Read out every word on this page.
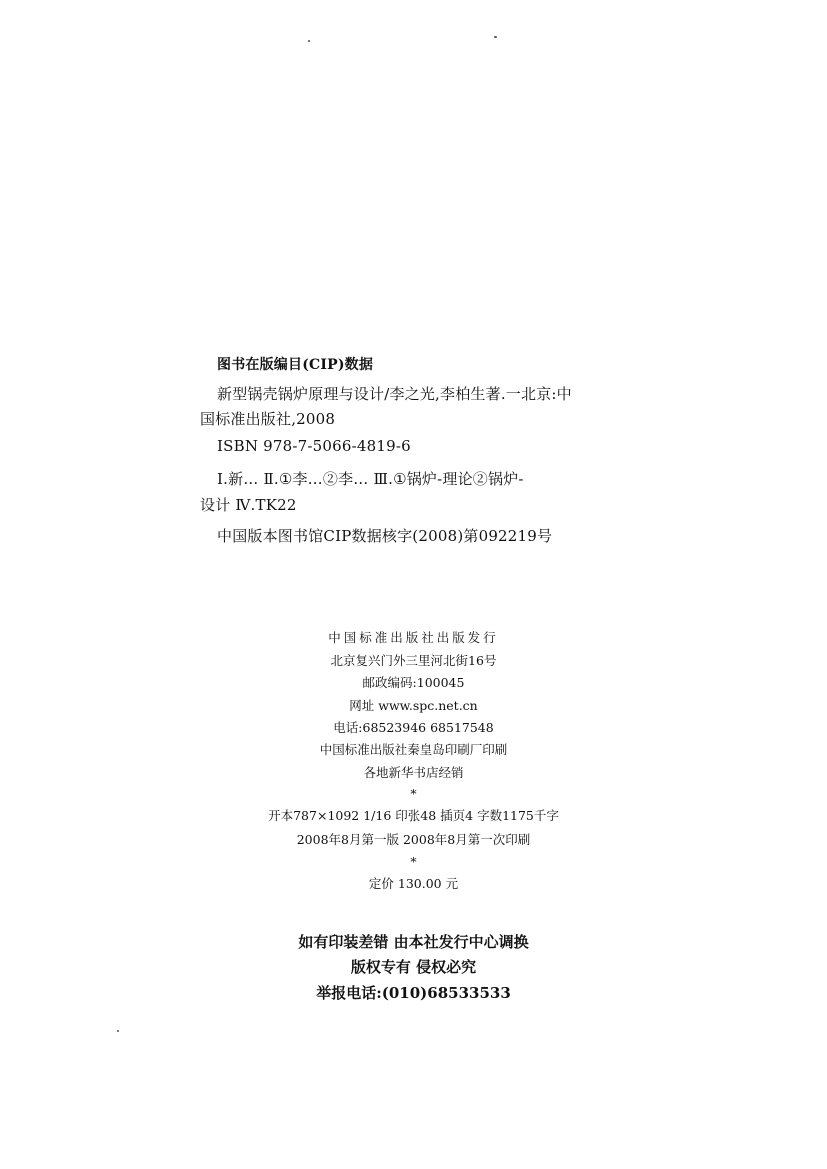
图书在版编目(CIP)数据
新型锅壳锅炉原理与设计/李之光,李柏生著.一北京:中
国标准出版社,2008
ISBN 978-7-5066-4819-6
Ⅰ.新… Ⅱ.①李…②李… Ⅲ.①锅炉-理论②锅炉-
设计 Ⅳ.TK22
中国版本图书馆CIP数据核字(2008)第092219号
中国标准出版社出版发行
北京复兴门外三里河北街16号
邮政编码:100045
网址 www.spc.net.cn
电话:68523946 68517548
中国标准出版社秦皇岛印刷厂印刷
各地新华书店经销
*
开本787×1092 1/16 印张48 插页4 字数1175千字
2008年8月第一版 2008年8月第一次印刷
*
定价 130.00 元
如有印装差错 由本社发行中心调换
版权专有 侵权必究
举报电话:(010)68533533
